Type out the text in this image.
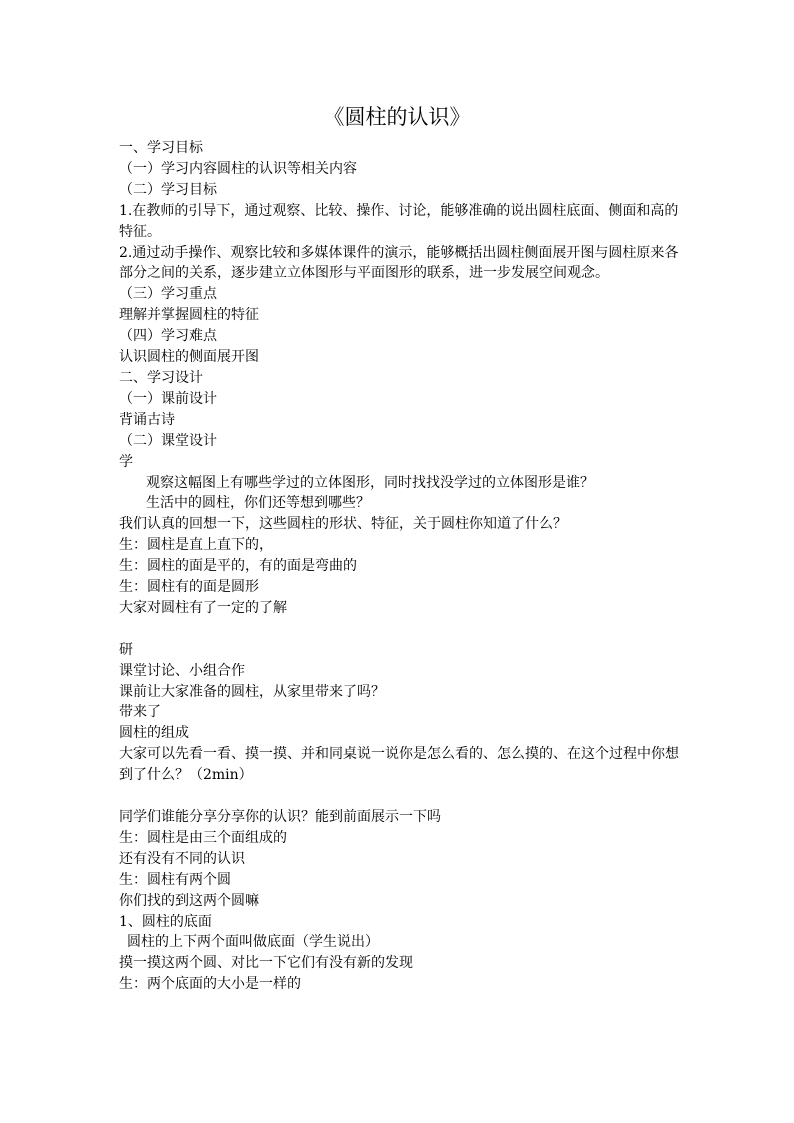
《圆柱的认识》

一、学习目标

（一）学习内容圆柱的认识等相关内容

（二）学习目标

1.在教师的引导下，通过观察、比较、操作、讨论，能够准确的说出圆柱底面、侧面和高的特征。

2.通过动手操作、观察比较和多媒体课件的演示，能够概括出圆柱侧面展开图与圆柱原来各部分之间的关系，逐步建立立体图形与平面图形的联系，进一步发展空间观念。

（三）学习重点

理解并掌握圆柱的特征

（四）学习难点

认识圆柱的侧面展开图

二、学习设计

（一）课前设计

背诵古诗

（二）课堂设计

学

观察这幅图上有哪些学过的立体图形，同时找找没学过的立体图形是谁？

生活中的圆柱，你们还等想到哪些？

我们认真的回想一下，这些圆柱的形状、特征，关于圆柱你知道了什么？

生：圆柱是直上直下的，

生：圆柱的面是平的，有的面是弯曲的

生：圆柱有的面是圆形

大家对圆柱有了一定的了解

研

课堂讨论、小组合作

课前让大家准备的圆柱，从家里带来了吗？

带来了

圆柱的组成

大家可以先看一看、摸一摸、并和同桌说一说你是怎么看的、怎么摸的、在这个过程中你想到了什么？（2min）

同学们谁能分享分享你的认识？能到前面展示一下吗

生：圆柱是由三个面组成的

还有没有不同的认识

生：圆柱有两个圆

你们找的到这两个圆嘛

1、圆柱的底面

圆柱的上下两个面叫做底面（学生说出）

摸一摸这两个圆、对比一下它们有没有新的发现

生：两个底面的大小是一样的
